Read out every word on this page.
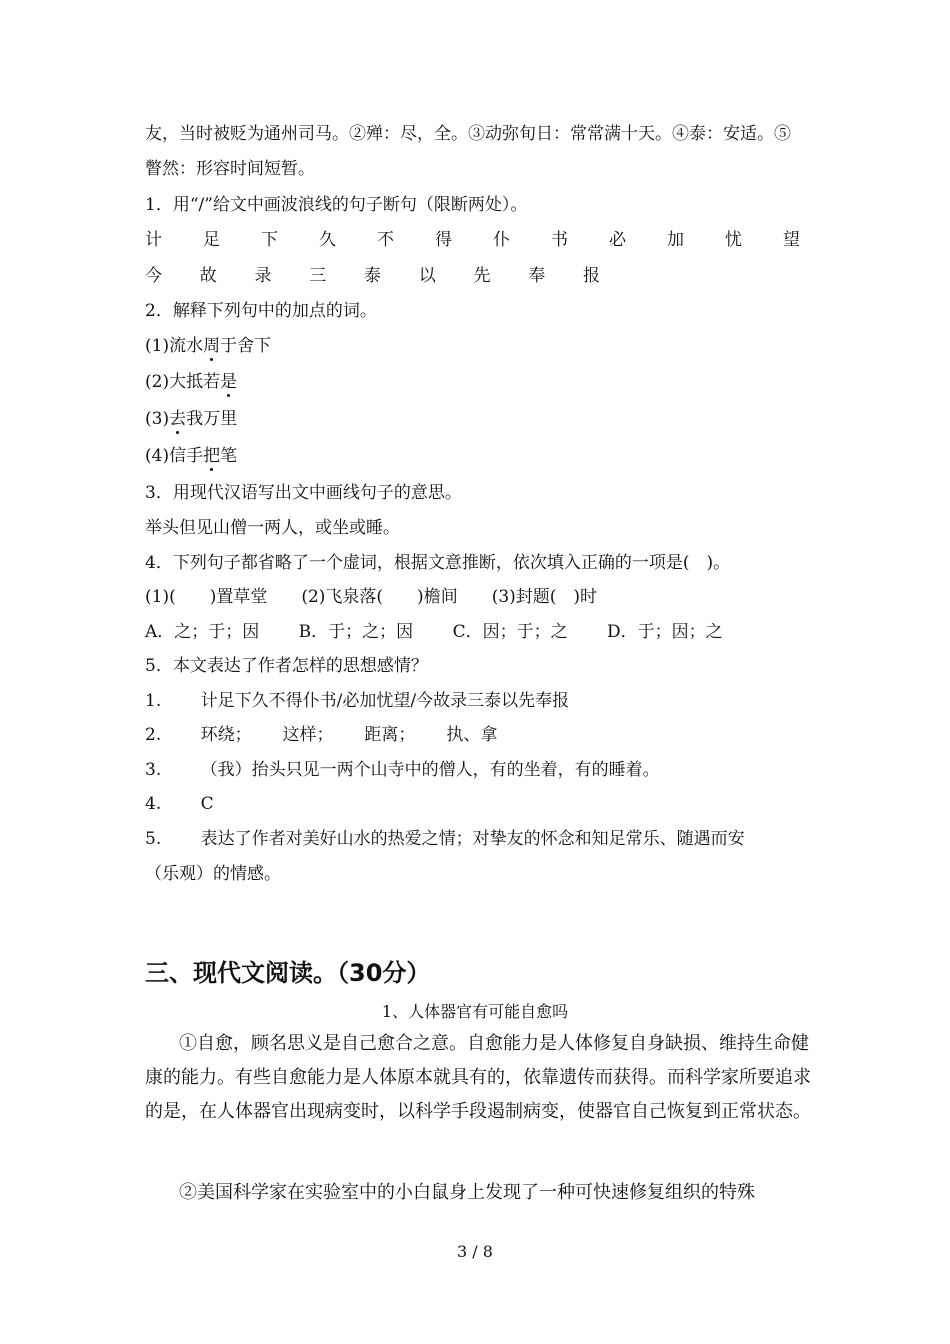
友，当时被贬为通州司马。②殚：尽，全。③动弥旬日：常常满十天。④泰：安适。⑤
瞥然：形容时间短暂。
1．用“/”给文中画波浪线的句子断句（限断两处）。
计 足 下 久 不 得 仆 书 必 加 忧 望
今 故 录 三 泰 以 先 奉 报
2．解释下列句中的加点的词。
(1)流水周于舍下
(2)大抵若是
(3)去我万里
(4)信手把笔
3．用现代汉语写出文中画线句子的意思。
举头但见山僧一两人，或坐或睡。
4．下列句子都省略了一个虚词，根据文意推断，依次填入正确的一项是(　)。
(1)(　　)置草堂　　(2)飞泉落(　　)檐间　　(3)封题(　)时
A．之；于；因　　 B．于；之；因　　 C．因；于；之　　 D．于；因；之
5．本文表达了作者怎样的思想感情？
1.　　 计足下久不得仆书/必加忧望/今故录三泰以先奉报
2.　　 环绕；　　 这样；　　 距离；　　 执、拿
3.　　 （我）抬头只见一两个山寺中的僧人，有的坐着，有的睡着。
4.　　 C
5.　　 表达了作者对美好山水的热爱之情；对挚友的怀念和知足常乐、随遇而安
（乐观）的情感。
三、现代文阅读。（30分）
1、人体器官有可能自愈吗
①自愈，顾名思义是自己愈合之意。自愈能力是人体修复自身缺损、维持生命健康的能力。有些自愈能力是人体原本就具有的，依靠遗传而获得。而科学家所要追求的是，在人体器官出现病变时，以科学手段遏制病变，使器官自己恢复到正常状态。
②美国科学家在实验室中的小白鼠身上发现了一种可快速修复组织的特殊
3 / 8
